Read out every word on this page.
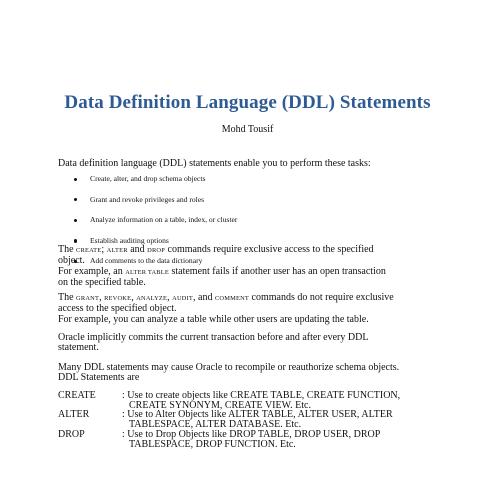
Data Definition Language (DDL) Statements
Mohd Tousif
Data definition language (DDL) statements enable you to perform these tasks:
Create, alter, and drop schema objects
Grant and revoke privileges and roles
Analyze information on a table, index, or cluster
Establish auditing options
Add comments to the data dictionary
The CREATE; ALTER and DROP commands require exclusive access to the specified
object.
For example, an ALTER TABLE statement fails if another user has an open transaction
on the specified table.
The GRANT, REVOKE, ANALYZE, AUDIT, and COMMENT commands do not require exclusive
access to the specified object.
For example, you can analyze a table while other users are updating the table.
Oracle implicitly commits the current transaction before and after every DDL
statement.
Many DDL statements may cause Oracle to recompile or reauthorize schema objects.
DDL Statements are
CREATE	: Use to create objects like CREATE TABLE, CREATE FUNCTION,
CREATE SYNONYM, CREATE VIEW. Etc.
ALTER	: Use to Alter Objects like ALTER TABLE, ALTER USER, ALTER
TABLESPACE, ALTER DATABASE. Etc.
DROP	: Use to Drop Objects like DROP TABLE, DROP USER, DROP
TABLESPACE, DROP FUNCTION. Etc.
